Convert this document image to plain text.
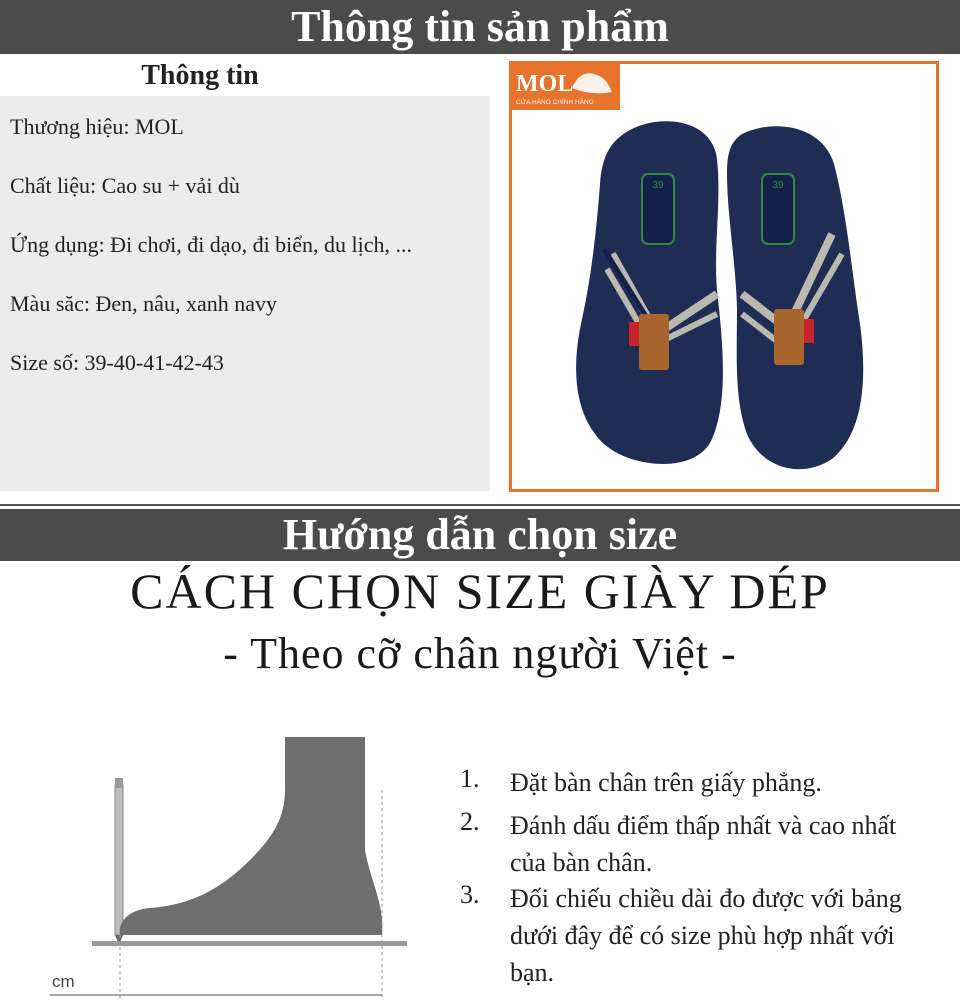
Thông tin sản phẩm
Thông tin
Thương hiệu: MOL
Chất liệu: Cao su + vải dù
Ứng dụng: Đi chơi, đi dạo, đi biển, du lịch, ...
Màu săc: Đen, nâu, xanh navy
Size số: 39-40-41-42-43
MOL
CỬA HÀNG CHÍNH HÃNG
39	39
Hướng dẫn chọn size
CÁCH CHỌN SIZE GIÀY DÉP
- Theo cỡ chân người Việt -
cm
1. Đặt bàn chân trên giấy phẳng.
2. Đánh dấu điểm thấp nhất và cao nhất của bàn chân.
3. Đối chiếu chiều dài đo được với bảng dưới đây để có size phù hợp nhất với bạn.
